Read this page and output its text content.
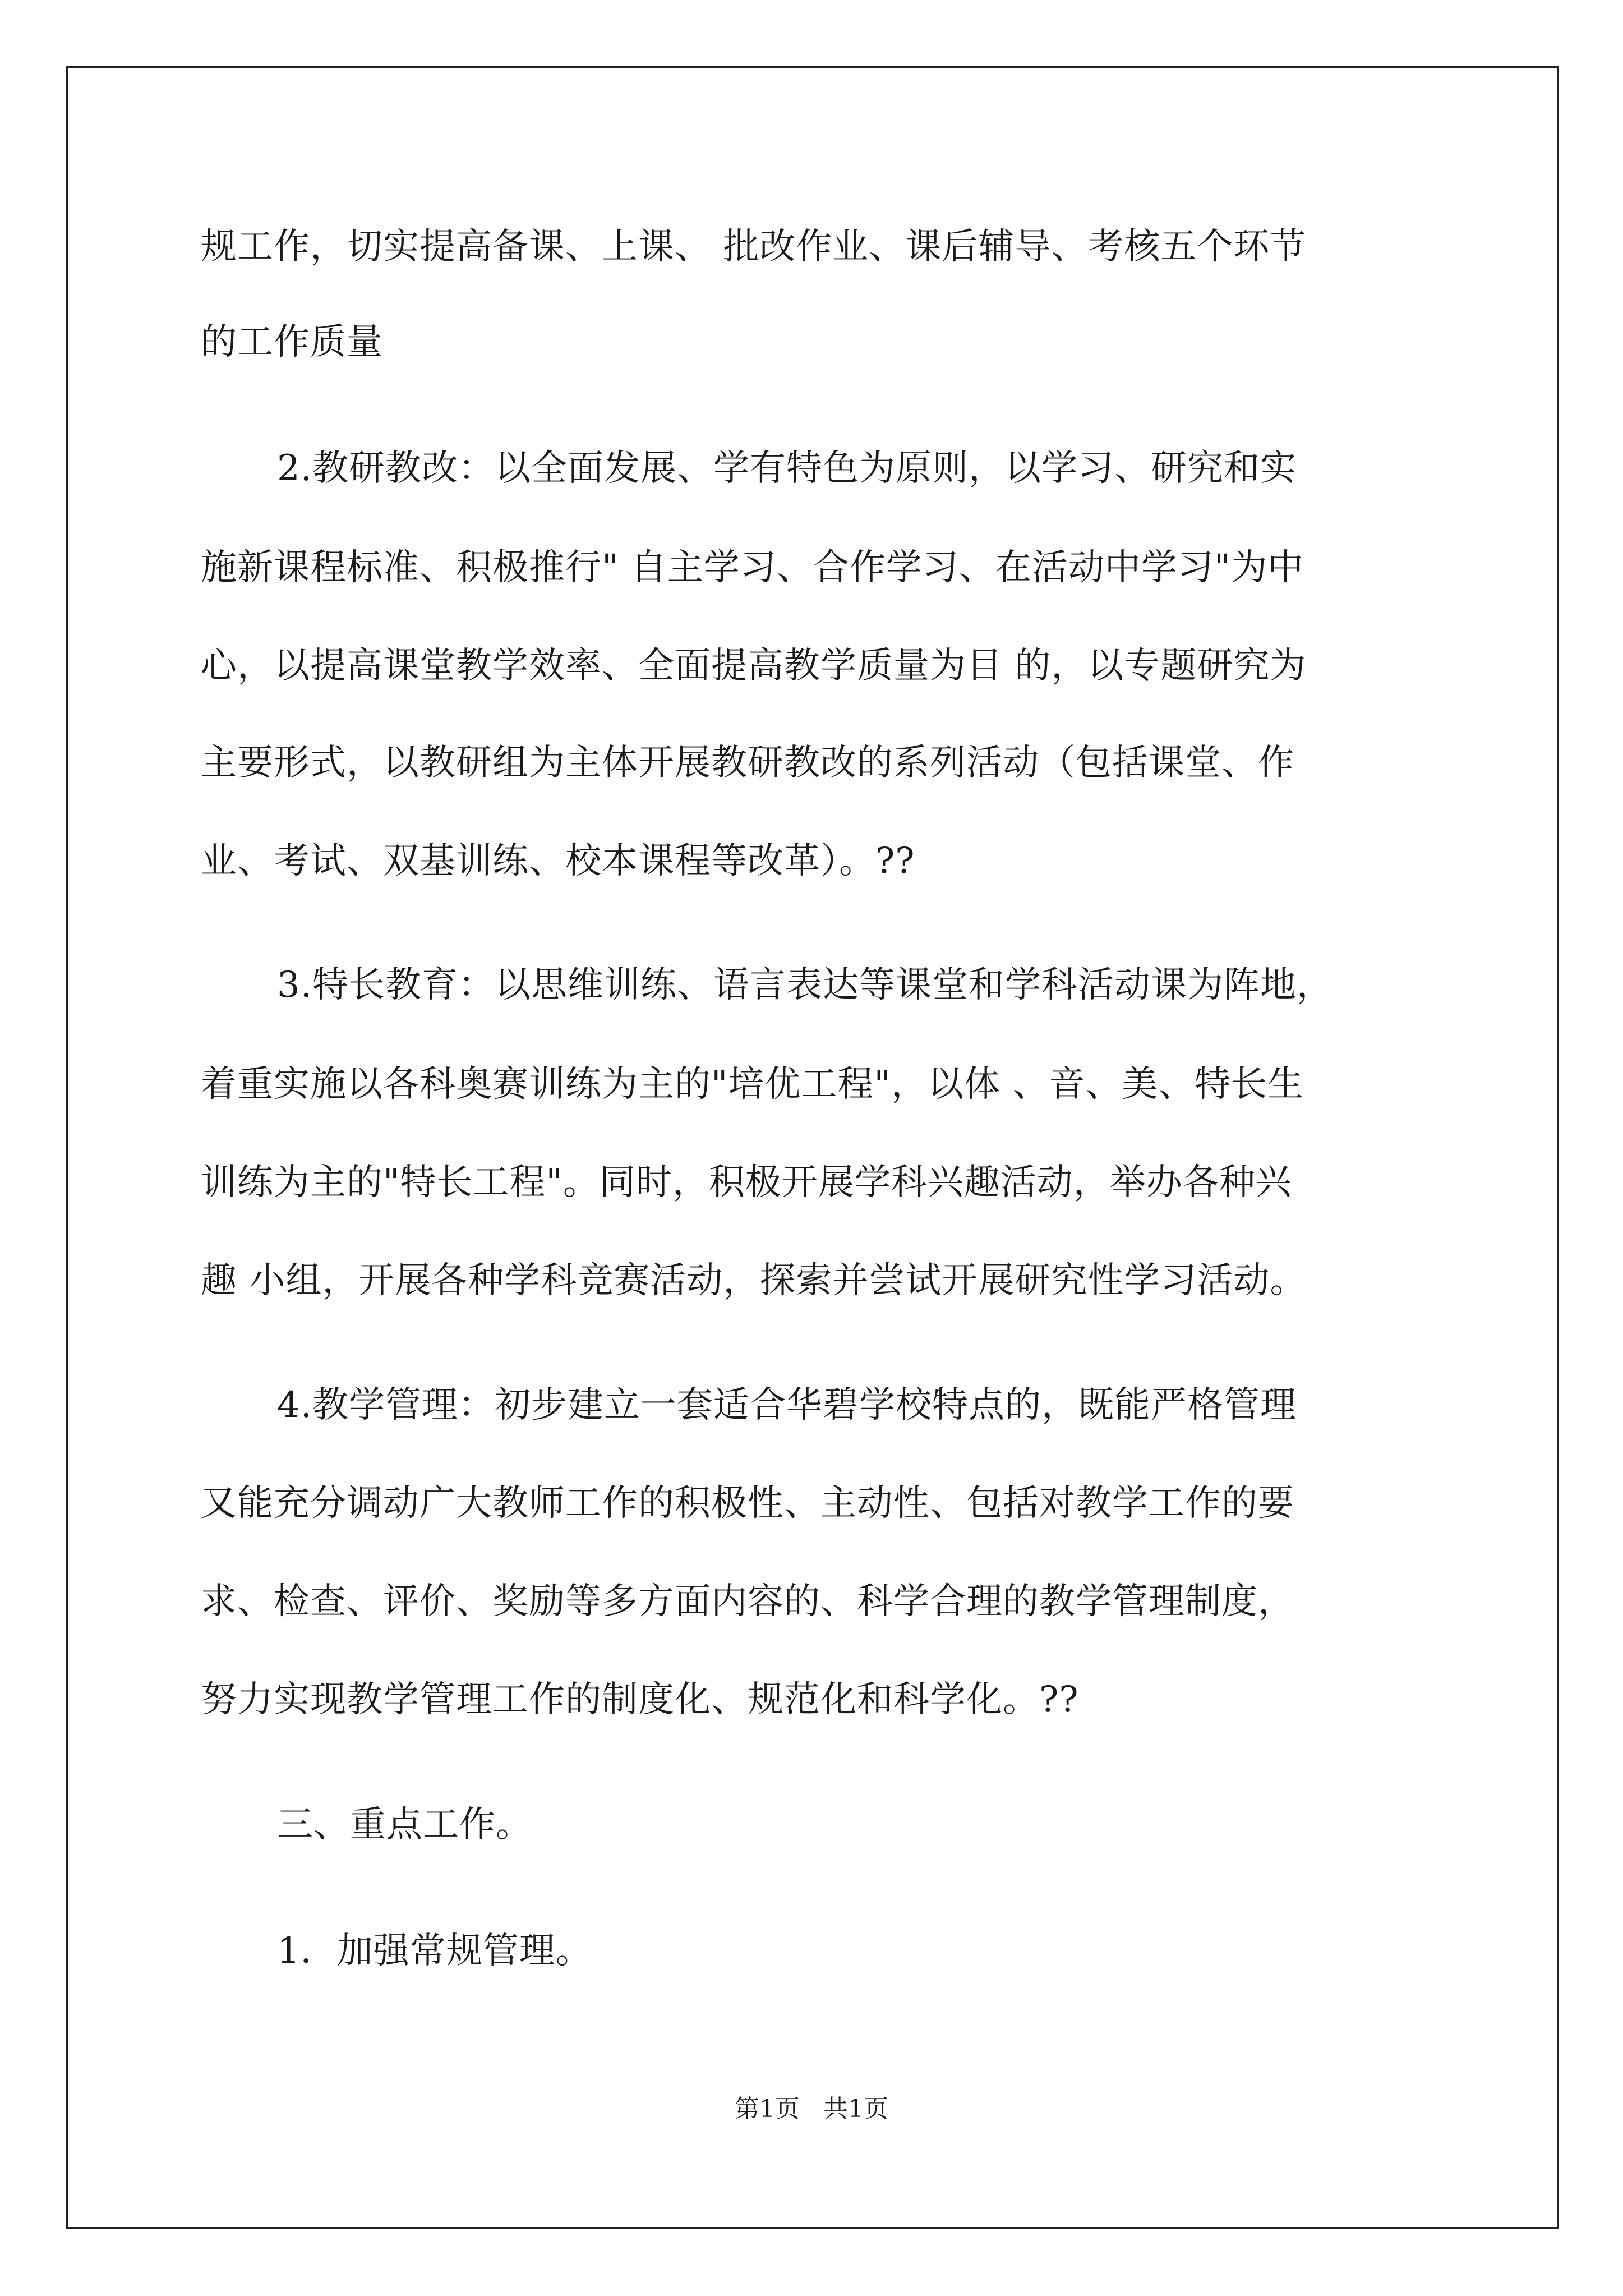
规工作，切实提高备课、上课、 批改作业、课后辅导、考核五个环节
的工作质量
2.教研教改：以全面发展、学有特色为原则，以学习、研究和实
施新课程标准、积极推行" 自主学习、合作学习、在活动中学习"为中
心，以提高课堂教学效率、全面提高教学质量为目 的，以专题研究为
主要形式，以教研组为主体开展教研教改的系列活动（包括课堂、作
业、考试、双基训练、校本课程等改革）。??
3.特长教育：以思维训练、语言表达等课堂和学科活动课为阵地，
着重实施以各科奥赛训练为主的"培优工程"，以体 、音、美、特长生
训练为主的"特长工程"。同时，积极开展学科兴趣活动，举办各种兴
趣 小组，开展各种学科竞赛活动，探索并尝试开展研究性学习活动。
4.教学管理：初步建立一套适合华碧学校特点的，既能严格管理
又能充分调动广大教师工作的积极性、主动性、包括对教学工作的要
求、检查、评价、奖励等多方面内容的、科学合理的教学管理制度，
努力实现教学管理工作的制度化、规范化和科学化。??
三、重点工作。
1．加强常规管理。
第1页   共1页
